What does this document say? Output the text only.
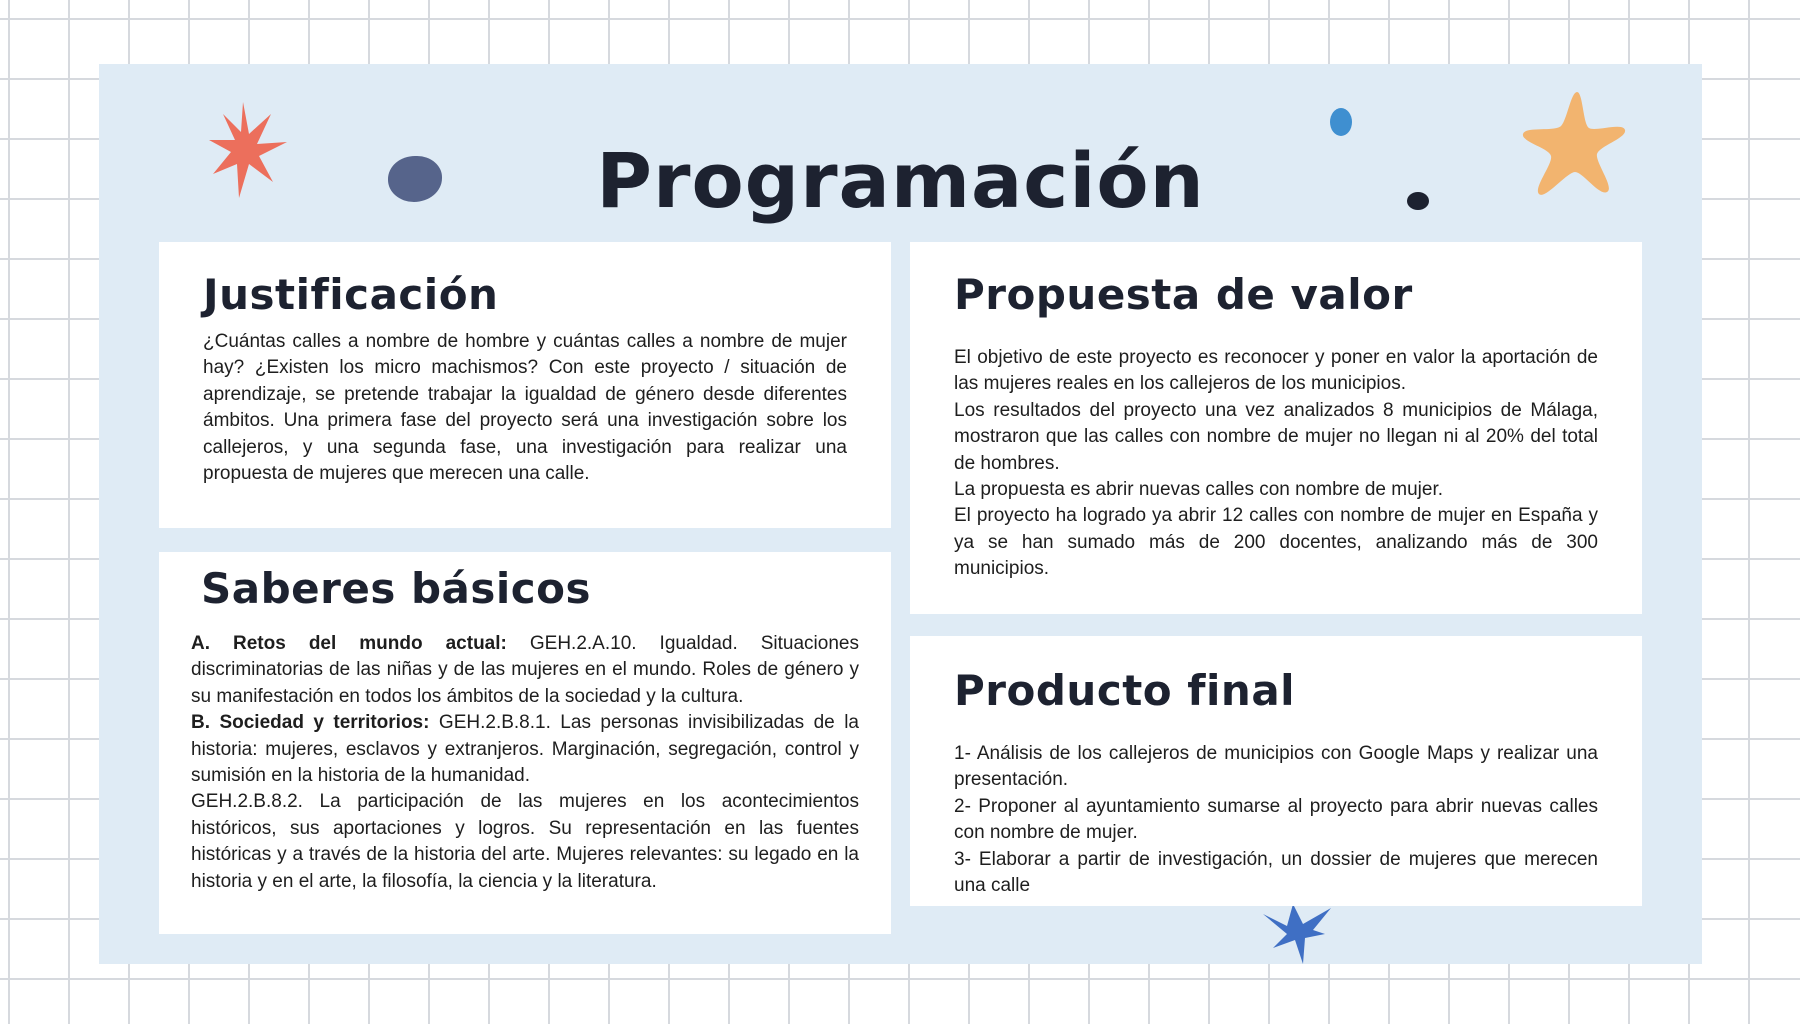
Programación
Justificación

¿Cuántas calles a nombre de hombre y cuántas calles a nombre de mujer hay? ¿Existen los micro machismos? Con este proyecto / situación de aprendizaje, se pretende trabajar la igualdad de género desde diferentes ámbitos. Una primera fase del proyecto será una investigación sobre los callejeros, y una segunda fase, una investigación para realizar una propuesta de mujeres que merecen una calle.

Saberes básicos

A. Retos del mundo actual: GEH.2.A.10. Igualdad. Situaciones discriminatorias de las niñas y de las mujeres en el mundo. Roles de género y su manifestación en todos los ámbitos de la sociedad y la cultura.

B. Sociedad y territorios: GEH.2.B.8.1. Las personas invisibilizadas de la historia: mujeres, esclavos y extranjeros. Marginación, segregación, control y sumisión en la historia de la humanidad.

GEH.2.B.8.2. La participación de las mujeres en los acontecimientos históricos, sus aportaciones y logros. Su representación en las fuentes históricas y a través de la historia del arte. Mujeres relevantes: su legado en la historia y en el arte, la filosofía, la ciencia y la literatura.

Propuesta de valor

El objetivo de este proyecto es reconocer y poner en valor la aportación de las mujeres reales en los callejeros de los municipios.

Los resultados del proyecto una vez analizados 8 municipios de Málaga, mostraron que las calles con nombre de mujer no llegan ni al 20% del total de hombres.

La propuesta es abrir nuevas calles con nombre de mujer.

El proyecto ha logrado ya abrir 12 calles con nombre de mujer en España y ya se han sumado más de 200 docentes, analizando más de 300 municipios.

Producto final

1- Análisis de los callejeros de municipios con Google Maps y realizar una presentación.

2- Proponer al ayuntamiento sumarse al proyecto para abrir nuevas calles con nombre de mujer.

3- Elaborar a partir de investigación, un dossier de mujeres que merecen una calle
